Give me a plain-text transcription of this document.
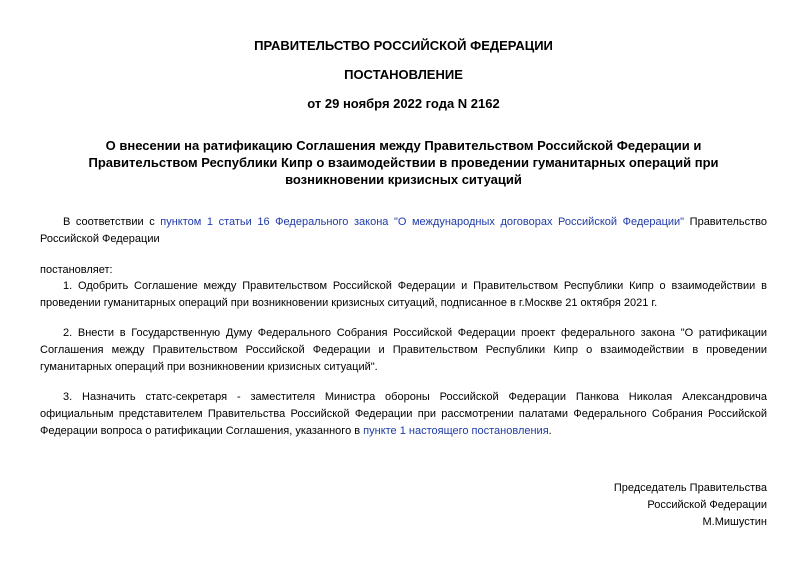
ПРАВИТЕЛЬСТВО РОССИЙСКОЙ ФЕДЕРАЦИИ
ПОСТАНОВЛЕНИЕ
от 29 ноября 2022 года N 2162
О внесении на ратификацию Соглашения между Правительством Российской Федерации и Правительством Республики Кипр о взаимодействии в проведении гуманитарных операций при возникновении кризисных ситуаций
В соответствии с пунктом 1 статьи 16 Федерального закона "О международных договорах Российской Федерации" Правительство Российской Федерации
постановляет:
1. Одобрить Соглашение между Правительством Российской Федерации и Правительством Республики Кипр о взаимодействии в проведении гуманитарных операций при возникновении кризисных ситуаций, подписанное в г.Москве 21 октября 2021 г.
2. Внести в Государственную Думу Федерального Собрания Российской Федерации проект федерального закона "О ратификации Соглашения между Правительством Российской Федерации и Правительством Республики Кипр о взаимодействии в проведении гуманитарных операций при возникновении кризисных ситуаций".
3. Назначить статс-секретаря - заместителя Министра обороны Российской Федерации Панкова Николая Александровича официальным представителем Правительства Российской Федерации при рассмотрении палатами Федерального Собрания Российской Федерации вопроса о ратификации Соглашения, указанного в пункте 1 настоящего постановления.
Председатель Правительства
Российской Федерации
М.Мишустин
